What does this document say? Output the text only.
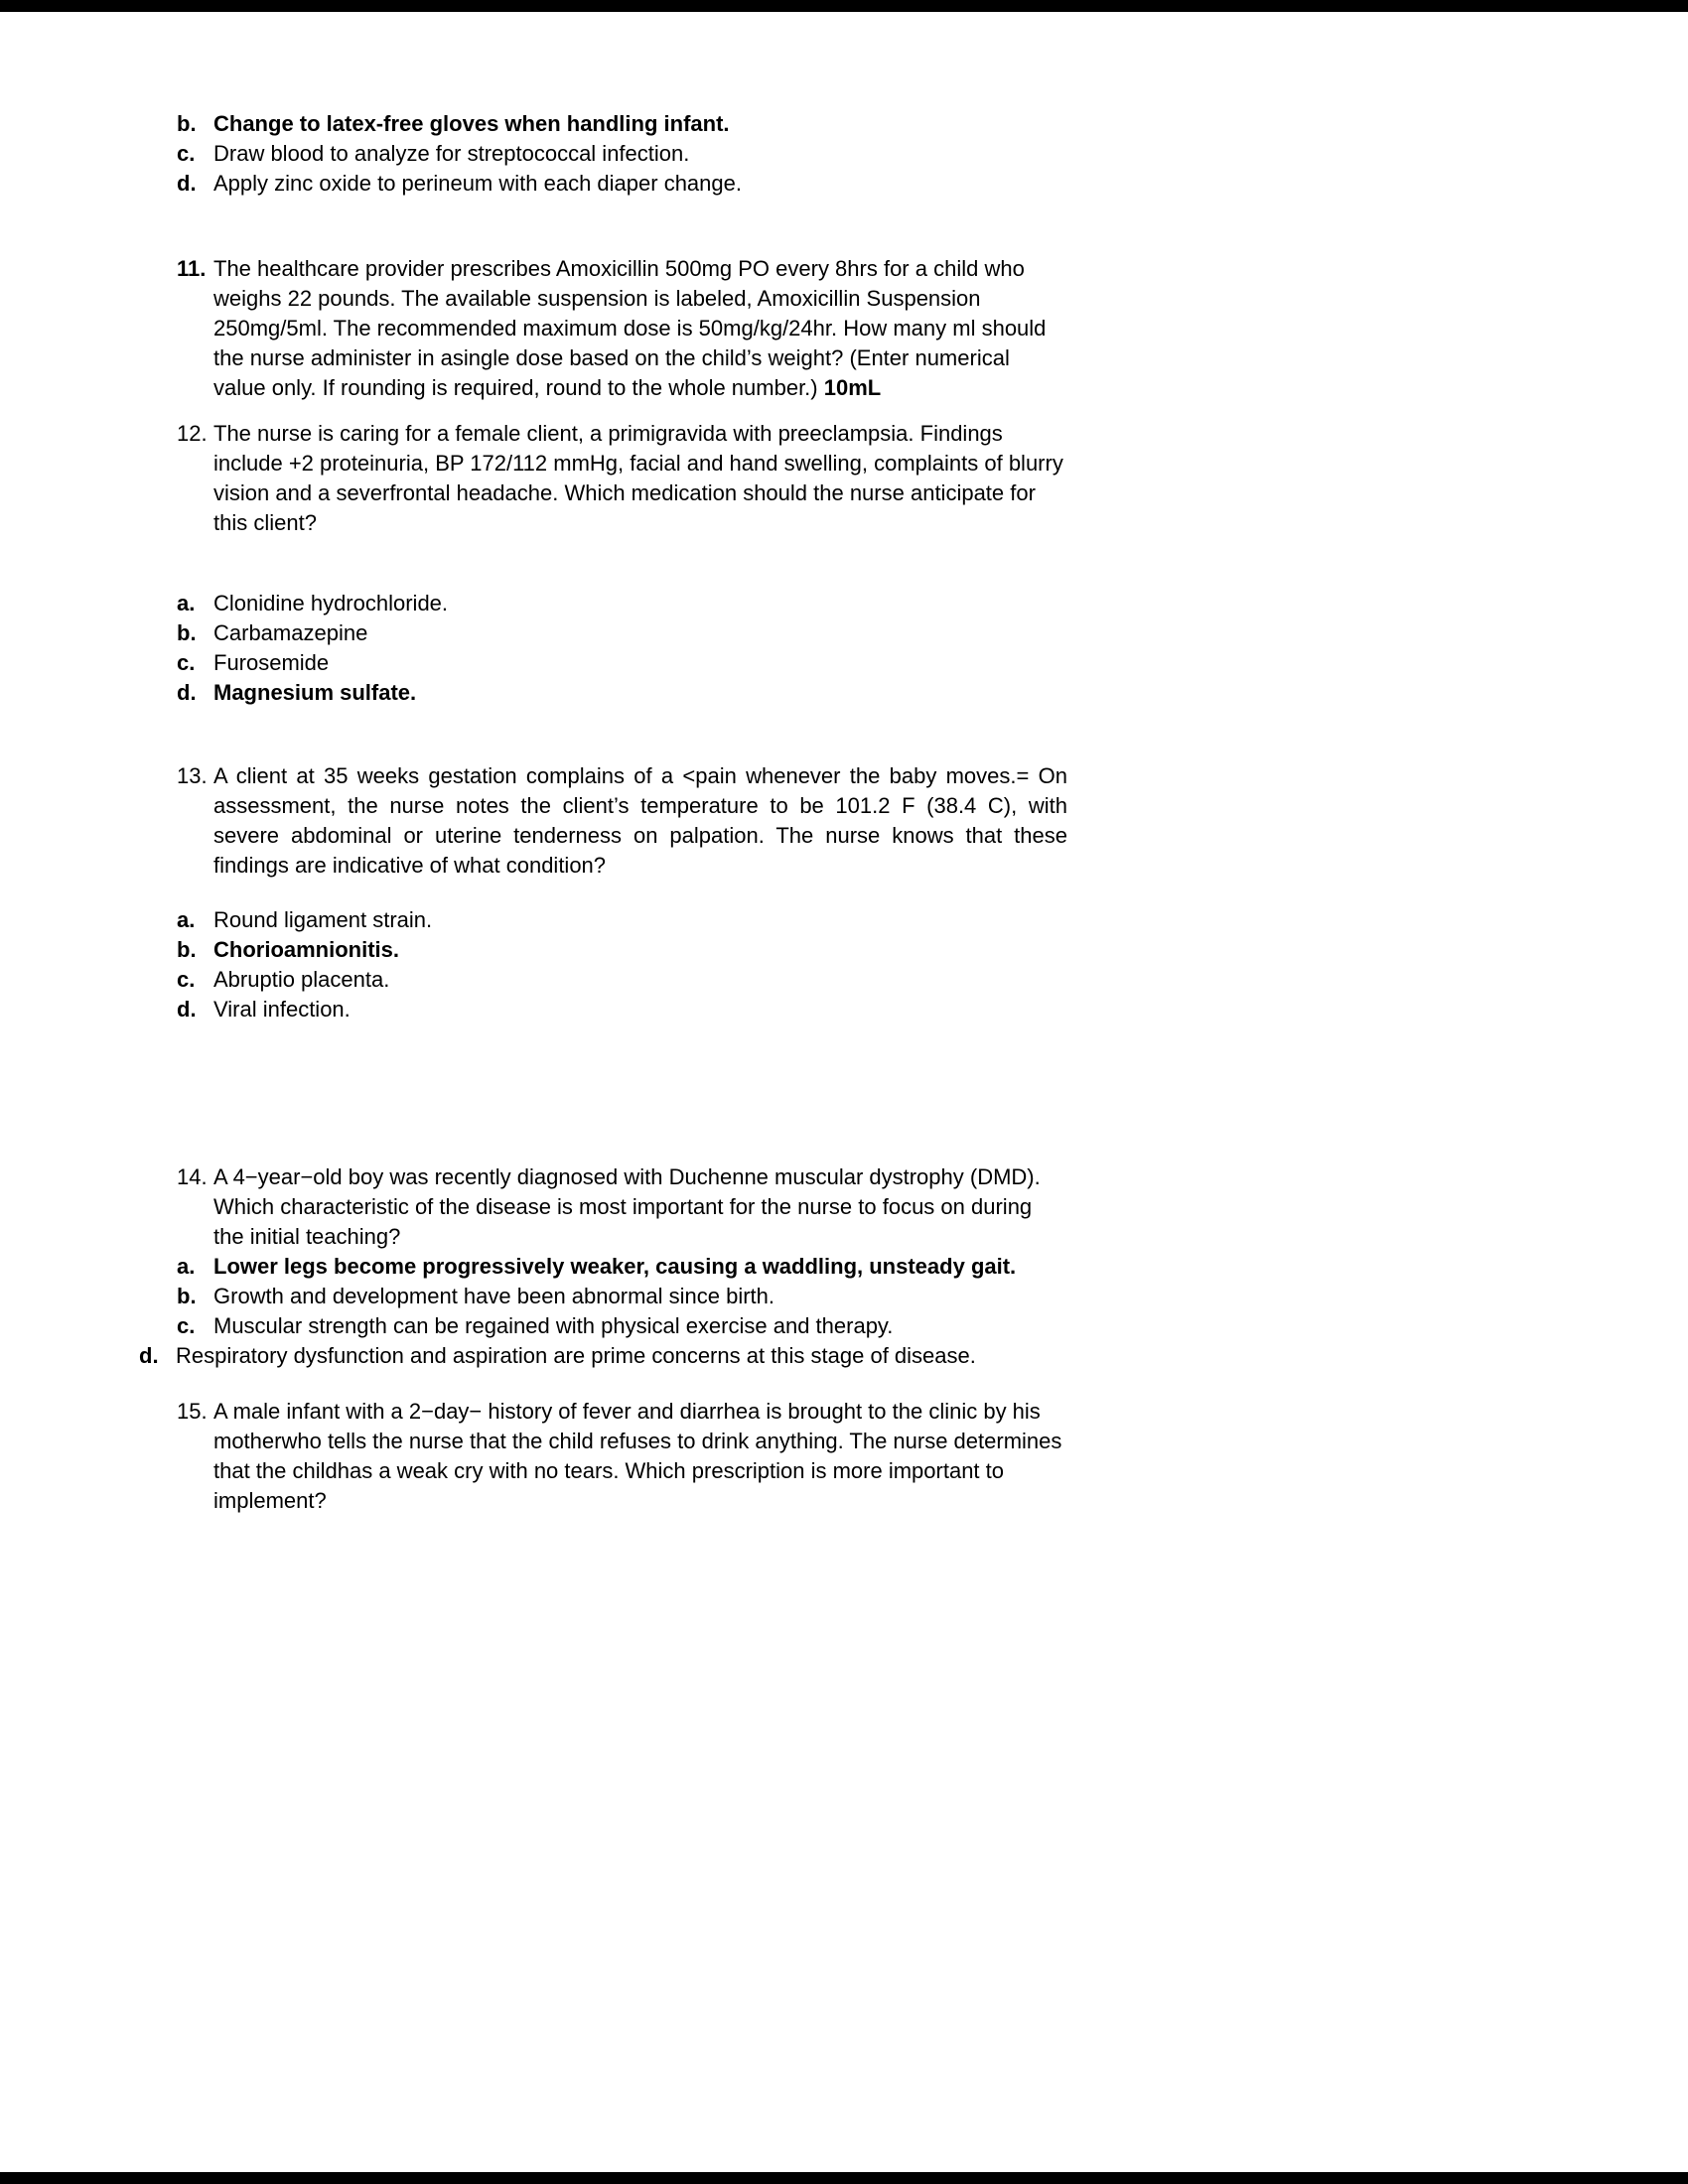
b. Change to latex-free gloves when handling infant.
c. Draw blood to analyze for streptococcal infection.
d. Apply zinc oxide to perineum with each diaper change.
11. The healthcare provider prescribes Amoxicillin 500mg PO every 8hrs for a child who weighs 22 pounds. The available suspension is labeled, Amoxicillin Suspension 250mg/5ml. The recommended maximum dose is 50mg/kg/24hr. How many ml should the nurse administer in asingle dose based on the child’s weight? (Enter numerical value only. If rounding is required, round to the whole number.) 10mL
12. The nurse is caring for a female client, a primigravida with preeclampsia. Findings include +2 proteinuria, BP 172/112 mmHg, facial and hand swelling, complaints of blurry vision and a severfrontal headache. Which medication should the nurse anticipate for this client?
a. Clonidine hydrochloride.
b. Carbamazepine
c. Furosemide
d. Magnesium sulfate.
13. A client at 35 weeks gestation complains of a <pain whenever the baby moves.= On assessment, the nurse notes the client’s temperature to be 101.2 F (38.4 C), with severe abdominal or uterine tenderness on palpation. The nurse knows that these findings are indicative of what condition?
a. Round ligament strain.
b. Chorioamnionitis.
c. Abruptio placenta.
d. Viral infection.
14. A 4−year−old boy was recently diagnosed with Duchenne muscular dystrophy (DMD). Which characteristic of the disease is most important for the nurse to focus on during the initial teaching?
a. Lower legs become progressively weaker, causing a waddling, unsteady gait.
b. Growth and development have been abnormal since birth.
c. Muscular strength can be regained with physical exercise and therapy.
d. Respiratory dysfunction and aspiration are prime concerns at this stage of disease.
15. A male infant with a 2−day− history of fever and diarrhea is brought to the clinic by his motherwho tells the nurse that the child refuses to drink anything. The nurse determines that the childhas a weak cry with no tears. Which prescription is more important to implement?
